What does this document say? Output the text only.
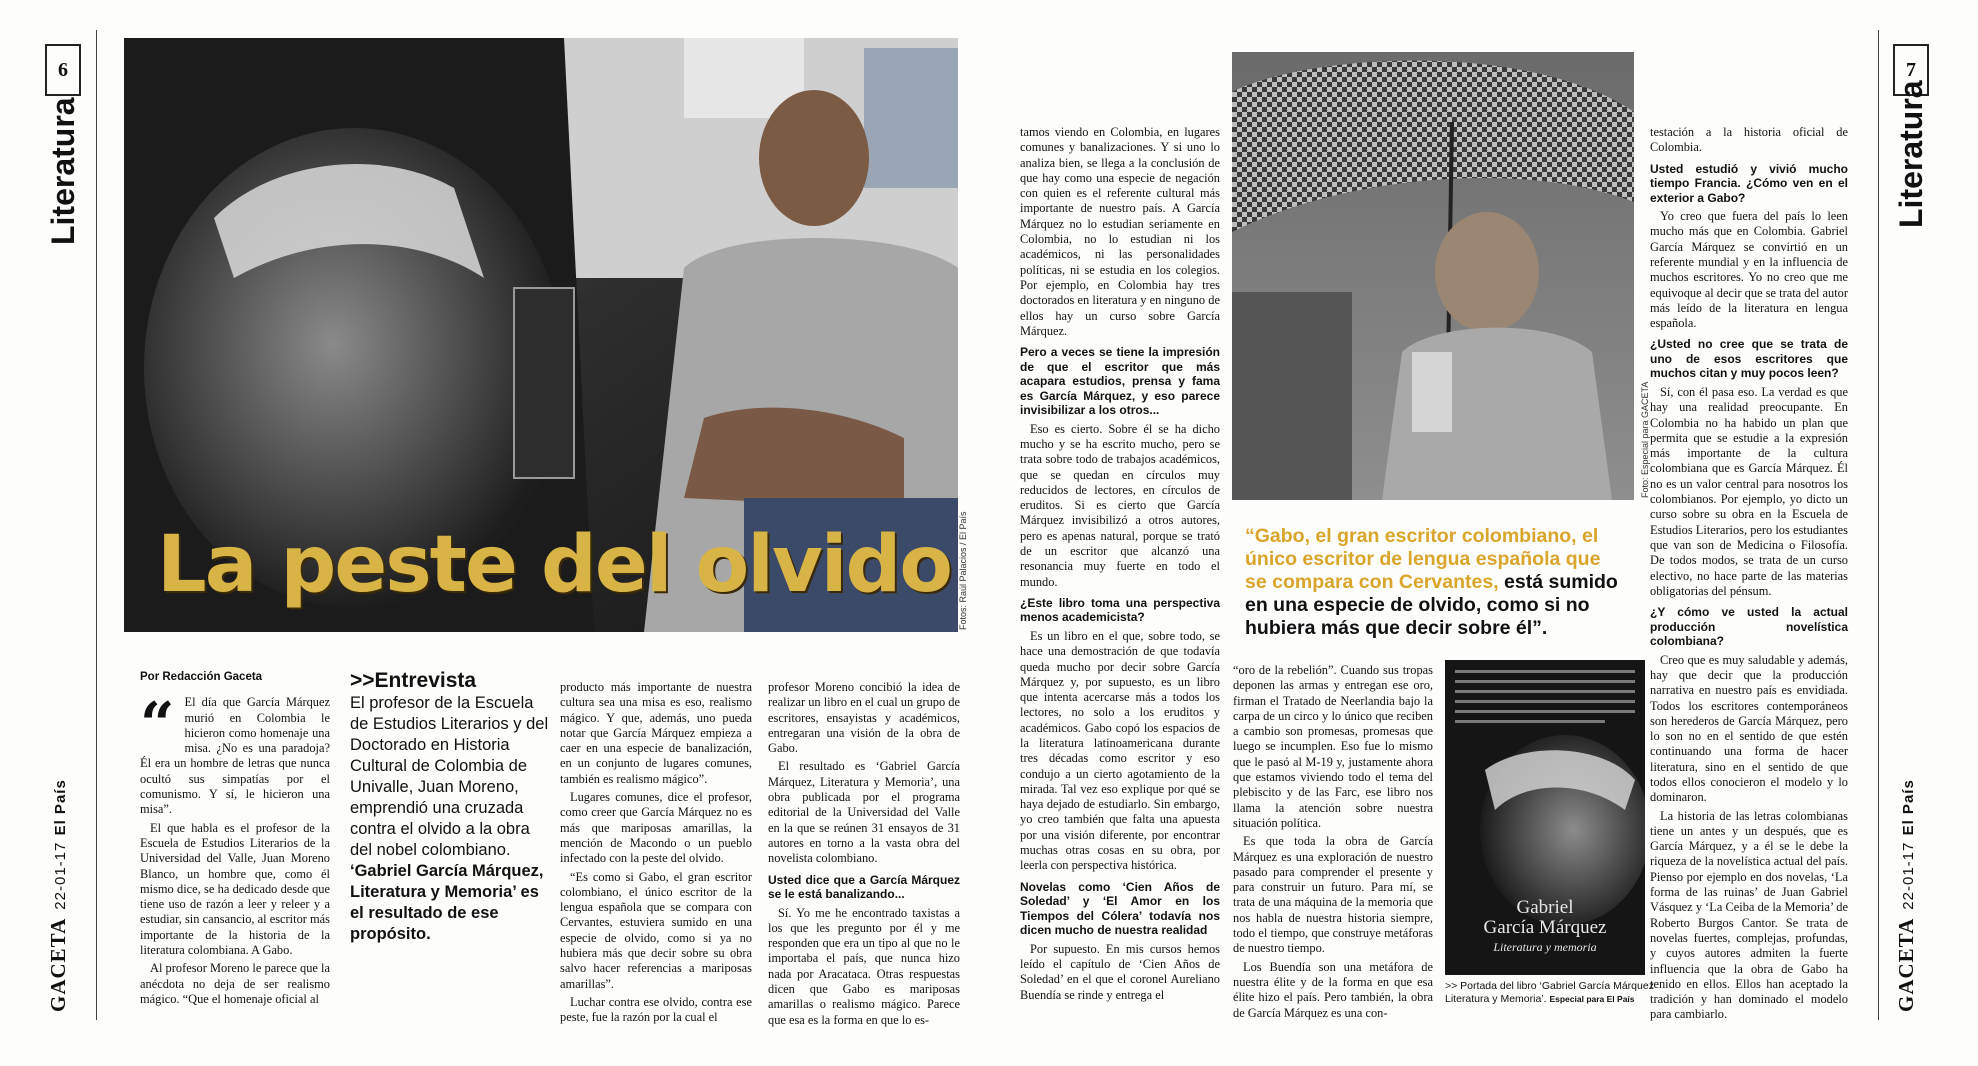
6
Literatura
GACETA22-01-17 El País
La peste del olvido Fotos: Raúl Palacios / El País

Por Redacción Gaceta

“ El día que García Márquez murió en Colombia le hicieron como homenaje una misa. ¿No es una paradoja? Él era un hombre de letras que nunca ocultó sus simpatías por el comunismo. Y sí, le hicieron una misa”.

El que habla es el profesor de la Escuela de Estudios Literarios de la Universidad del Valle, Juan Moreno Blanco, un hombre que, como él mismo dice, se ha dedicado desde que tiene uso de razón a leer y releer y a estudiar, sin cansancio, al escritor más importante de la historia de la literatura colombiana. A Gabo.

Al profesor Moreno le parece que la anécdota no deja de ser realismo mágico. “Que el homenaje oficial al

>>Entrevista
El profesor de la Escuela de Estudios Literarios y del Doctorado en Historia Cultural de Colombia de Univalle, Juan Moreno, emprendió una cruzada contra el olvido a la obra del nobel colombiano. ‘Gabriel García Márquez, Literatura y Memoria’ es el resultado de ese propósito.

producto más importante de nuestra cultura sea una misa es eso, realismo mágico. Y que, además, uno pueda notar que García Márquez empieza a caer en una especie de banalización, en un conjunto de lugares comunes, también es realismo mágico”.

Lugares comunes, dice el profesor, como creer que García Márquez no es más que mariposas amarillas, la mención de Macondo o un pueblo infectado con la peste del olvido.

“Es como si Gabo, el gran escritor colombiano, el único escritor de la lengua española que se compara con Cervantes, estuviera sumido en una especie de olvido, como si ya no hubiera más que decir sobre su obra salvo hacer referencias a mariposas amarillas”.

Luchar contra ese olvido, contra ese peste, fue la razón por la cual el

profesor Moreno concibió la idea de realizar un libro en el cual un grupo de escritores, ensayistas y académicos, entregaran una visión de la obra de Gabo.

El resultado es ‘Gabriel García Márquez, Literatura y Memoria’, una obra publicada por el programa editorial de la Universidad del Valle en la que se reúnen 31 ensayos de 31 autores en torno a la vasta obra del novelista colombiano.

Usted dice que a García Márquez se le está banalizando...

Sí. Yo me he encontrado taxistas a los que les pregunto por él y me responden que era un tipo al que no le importaba el país, que nunca hizo nada por Aracataca. Otras respuestas dicen que Gabo es mariposas amarillas o realismo mágico. Parece que esa es la forma en que lo es-

7
Literatura
GACETA22-01-17 El País

tamos viendo en Colombia, en lugares comunes y banalizaciones. Y si uno lo analiza bien, se llega a la conclusión de que hay como una especie de negación con quien es el referente cultural más importante de nuestro país. A García Márquez no lo estudian seriamente en Colombia, no lo estudian ni los académicos, ni las personalidades políticas, ni se estudia en los colegios. Por ejemplo, en Colombia hay tres doctorados en literatura y en ninguno de ellos hay un curso sobre García Márquez.

Pero a veces se tiene la impresión de que el escritor que más acapara estudios, prensa y fama es García Márquez, y eso parece invisibilizar a los otros...

Eso es cierto. Sobre él se ha dicho mucho y se ha escrito mucho, pero se trata sobre todo de trabajos académicos, que se quedan en círculos muy reducidos de lectores, en círculos de eruditos. Si es cierto que García Márquez invisibilizó a otros autores, pero es apenas natural, porque se trató de un escritor que alcanzó una resonancia muy fuerte en todo el mundo.

¿Este libro toma una perspectiva menos academicista?

Es un libro en el que, sobre todo, se hace una demostración de que todavía queda mucho por decir sobre García Márquez y, por supuesto, es un libro que intenta acercarse más a todos los lectores, no solo a los eruditos y académicos. Gabo copó los espacios de la literatura latinoamericana durante tres décadas como escritor y eso condujo a un cierto agotamiento de la mirada. Tal vez eso explique por qué se haya dejado de estudiarlo. Sin embargo, yo creo también que falta una apuesta por una visión diferente, por encontrar muchas otras cosas en su obra, por leerla con perspectiva histórica.

Novelas como ‘Cien Años de Soledad’ y ‘El Amor en los Tiempos del Cólera’ todavía nos dicen mucho de nuestra realidad

Por supuesto. En mis cursos hemos leído el capítulo de ‘Cien Años de Soledad’ en el que el coronel Aureliano Buendía se rinde y entrega el

Foto: Especial para GACETA
“Gabo, el gran escritor colombiano, el único escritor de lengua española que se compara con Cervantes, está sumido en una especie de olvido, como si no hubiera más que decir sobre él”.

“oro de la rebelión”. Cuando sus tropas deponen las armas y entregan ese oro, firman el Tratado de Neerlandia bajo la carpa de un circo y lo único que reciben a cambio son promesas, promesas que luego se incumplen. Eso fue lo mismo que le pasó al M-19 y, justamente ahora que estamos viviendo todo el tema del plebiscito y de las Farc, ese libro nos llama la atención sobre nuestra situación política.

Es que toda la obra de García Márquez es una exploración de nuestro pasado para comprender el presente y para construir un futuro. Para mí, se trata de una máquina de la memoria que nos habla de nuestra historia siempre, todo el tiempo, que construye metáforas de nuestro tiempo.

Los Buendía son una metáfora de nuestra élite y de la forma en que esa élite hizo el país. Pero también, la obra de García Márquez es una con-

Gabriel
García Márquez
Literatura y memoria
>> Portada del libro ‘Gabriel García Márquez Literatura y Memoria’. Especial para El País

testación a la historia oficial de Colombia.

Usted estudió y vivió mucho tiempo Francia. ¿Cómo ven en el exterior a Gabo?

Yo creo que fuera del país lo leen mucho más que en Colombia. Gabriel García Márquez se convirtió en un referente mundial y en la influencia de muchos escritores. Yo no creo que me equivoque al decir que se trata del autor más leído de la literatura en lengua española.

¿Usted no cree que se trata de uno de esos escritores que muchos citan y muy pocos leen?

Sí, con él pasa eso. La verdad es que hay una realidad preocupante. En Colombia no ha habido un plan que permita que se estudie a la expresión más importante de la cultura colombiana que es García Márquez. Él no es un valor central para nosotros los colombianos. Por ejemplo, yo dicto un curso sobre su obra en la Escuela de Estudios Literarios, pero los estudiantes que van son de Medicina o Filosofía. De todos modos, se trata de un curso electivo, no hace parte de las materias obligatorias del pénsum.

¿Y cómo ve usted la actual producción novelística colombiana?

Creo que es muy saludable y además, hay que decir que la producción narrativa en nuestro país es envidiada. Todos los escritores contemporáneos son herederos de García Márquez, pero lo son no en el sentido de que estén continuando una forma de hacer literatura, sino en el sentido de que todos ellos conocieron el modelo y lo dominaron.

La historia de las letras colombianas tiene un antes y un después, que es García Márquez, y a él se le debe la riqueza de la novelística actual del país. Pienso por ejemplo en dos novelas, ‘La forma de las ruinas’ de Juan Gabriel Vásquez y ‘La Ceiba de la Memoria’ de Roberto Burgos Cantor. Se trata de novelas fuertes, complejas, profundas, y cuyos autores admiten la fuerte influencia que la obra de Gabo ha tenido en ellos. Ellos han aceptado la tradición y han dominado el modelo para cambiarlo.
